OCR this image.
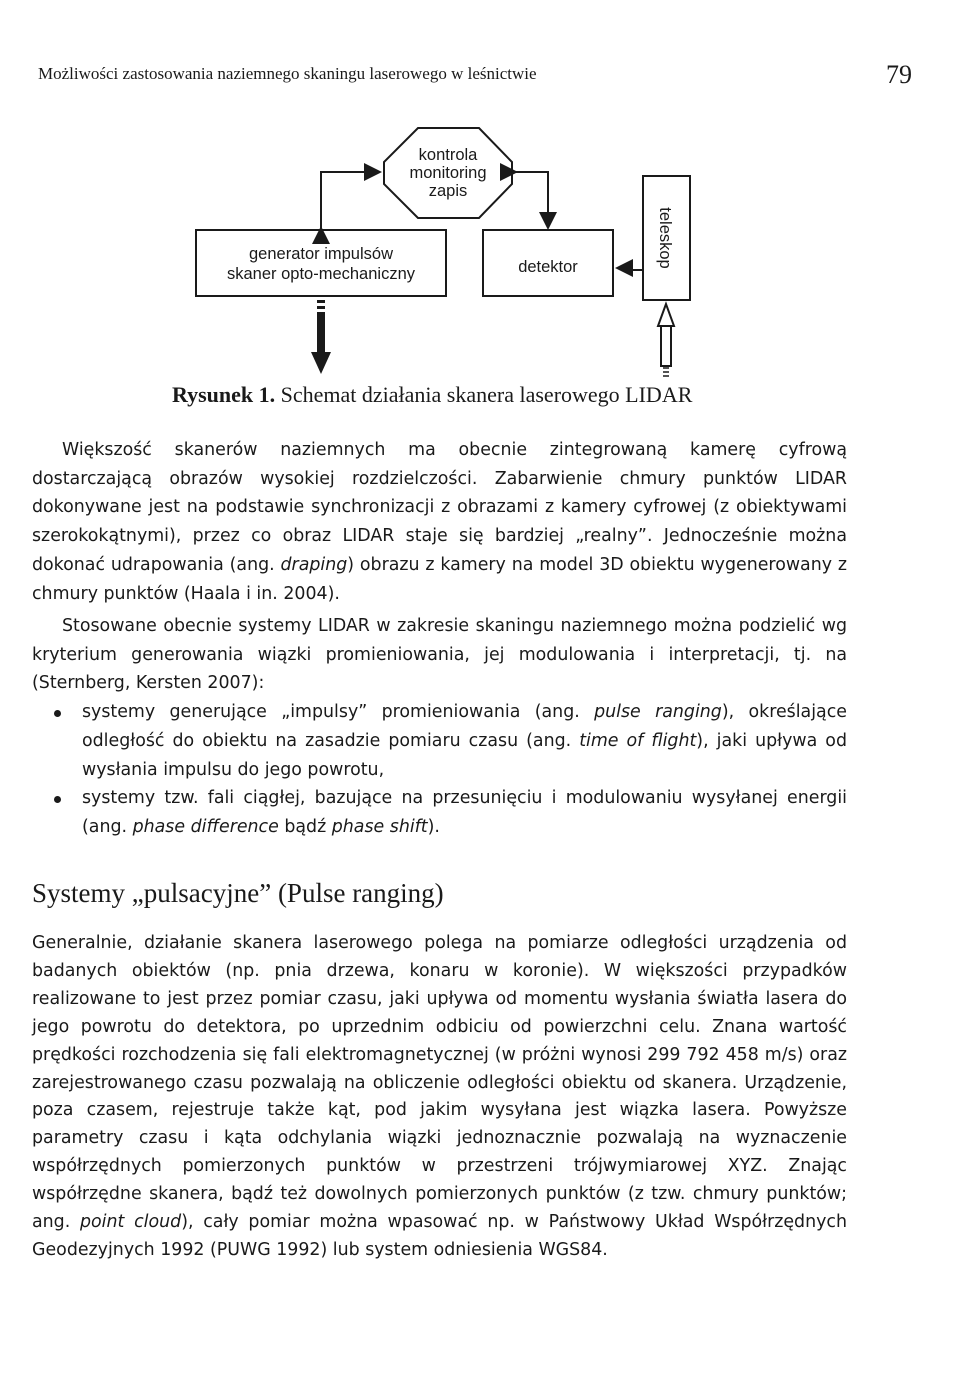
Możliwości zastosowania naziemnego skaningu laserowego w leśnictwie	79
kontrola
monitoring
zapis
generator impulsów
skaner opto-mechaniczny	detektor	teleskop
Rysunek 1. Schemat działania skanera laserowego LIDAR
Większość skanerów naziemnych ma obecnie zintegrowaną kamerę cyfrową dostarczającą obrazów wysokiej rozdzielczości. Zabarwienie chmury punktów LIDAR dokonywane jest na podstawie synchronizacji z obrazami z kamery cyfrowej (z obiektywami szerokokątnymi), przez co obraz LIDAR staje się bardziej „realny”. Jednocześnie można dokonać udrapowania (ang. draping) obrazu z kamery na model 3D obiektu wygenerowany z chmury punktów (Haala i in. 2004).
Stosowane obecnie systemy LIDAR w zakresie skaningu naziemnego można podzielić wg kryterium generowania wiązki promieniowania, jej modulowania i interpretacji, tj. na (Sternberg, Kersten 2007):
systemy generujące „impulsy” promieniowania (ang. pulse ranging), określające odległość do obiektu na zasadzie pomiaru czasu (ang. time of flight), jaki upływa od wysłania impulsu do jego powrotu,
systemy tzw. fali ciągłej, bazujące na przesunięciu i modulowaniu wysyłanej energii (ang. phase difference bądź phase shift).
Systemy „pulsacyjne” (Pulse ranging)
Generalnie, działanie skanera laserowego polega na pomiarze odległości urządzenia od badanych obiektów (np. pnia drzewa, konaru w koronie). W większości przypadków realizowane to jest przez pomiar czasu, jaki upływa od momentu wysłania światła lasera do jego powrotu do detektora, po uprzednim odbiciu od powierzchni celu. Znana wartość prędkości rozchodzenia się fali elektromagnetycznej (w próżni wynosi 299 792 458 m/s) oraz zarejestrowanego czasu pozwalają na obliczenie odległości obiektu od skanera. Urządzenie, poza czasem, rejestruje także kąt, pod jakim wysyłana jest wiązka lasera. Powyższe parametry czasu i kąta odchylania wiązki jednoznacznie pozwalają na wyznaczenie współrzędnych pomierzonych punktów w przestrzeni trójwymiarowej XYZ. Znając współrzędne skanera, bądź też dowolnych pomierzonych punktów (z tzw. chmury punktów; ang. point cloud), cały pomiar można wpasować np. w Państwowy Układ Współrzędnych Geodezyjnych 1992 (PUWG 1992) lub system odniesienia WGS84.
